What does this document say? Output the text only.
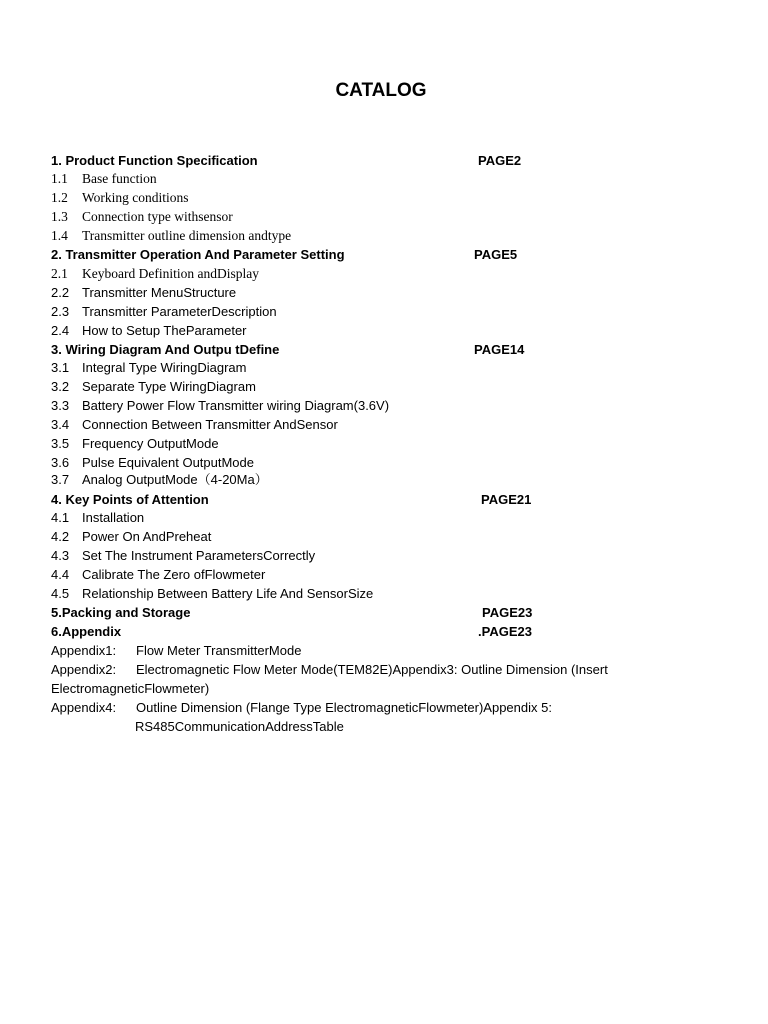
CATALOG
1. Product Function Specification	PAGE2
1.1 Base function
1.2 Working conditions
1.3 Connection type withsensor
1.4 Transmitter outline dimension andtype
2. Transmitter Operation And Parameter Setting	PAGE5
2.1 Keyboard Definition andDisplay
2.2 Transmitter MenuStructure
2.3 Transmitter ParameterDescription
2.4 How to Setup TheParameter
3. Wiring Diagram And Outpu tDefine	PAGE14
3.1 Integral Type WiringDiagram
3.2 Separate Type WiringDiagram
3.3 Battery Power Flow Transmitter wiring Diagram(3.6V)
3.4 Connection Between Transmitter AndSensor
3.5 Frequency OutputMode
3.6 Pulse Equivalent OutputMode
3.7 Analog OutputMode（4-20Ma）
4. Key Points of Attention	PAGE21
4.1 Installation
4.2 Power On AndPreheat
4.3 Set The Instrument ParametersCorrectly
4.4 Calibrate The Zero ofFlowmeter
4.5 Relationship Between Battery Life And SensorSize
5.Packing and Storage	PAGE23
6.Appendix	.PAGE23
Appendix1: Flow Meter TransmitterMode
Appendix2: Electromagnetic Flow Meter Mode(TEM82E)Appendix3: Outline Dimension (Insert
ElectromagneticFlowmeter)
Appendix4: Outline Dimension (Flange Type ElectromagneticFlowmeter)Appendix 5:
RS485CommunicationAddressTable
